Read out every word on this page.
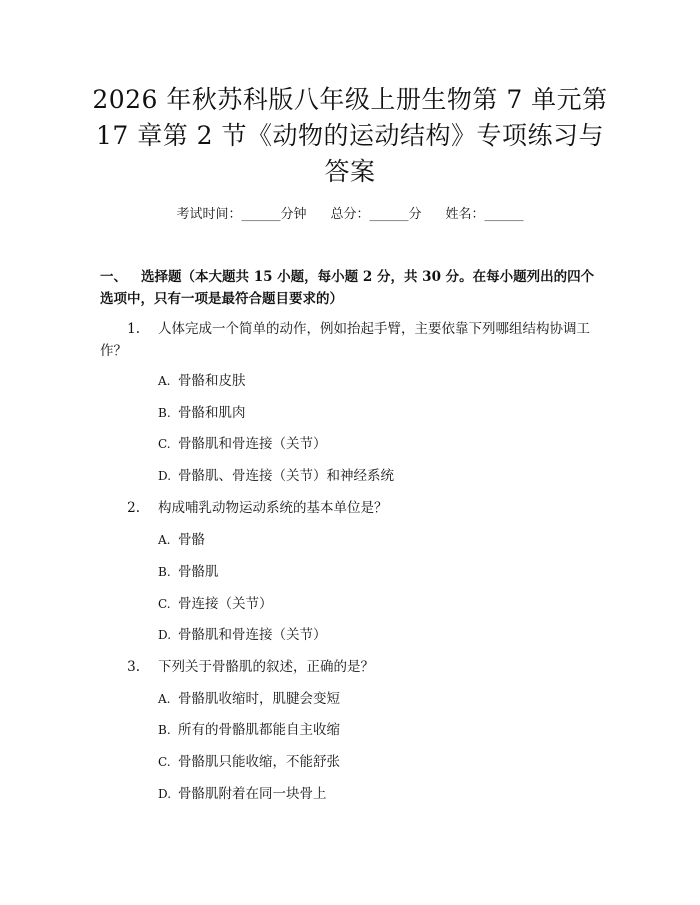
2026 年秋苏科版八年级上册生物第 7 单元第
17 章第 2 节《动物的运动结构》专项练习与
答案
考试时间：______分钟 总分：______分 姓名：______
一、 选择题（本大题共 15 小题，每小题 2 分，共 30 分。在每小题列出的四个选项中，只有一项是最符合题目要求的）
1. 人体完成一个简单的动作，例如抬起手臂，主要依靠下列哪组结构协调工作？
A. 骨骼和皮肤
B. 骨骼和肌肉
C. 骨骼肌和骨连接（关节）
D. 骨骼肌、骨连接（关节）和神经系统
2. 构成哺乳动物运动系统的基本单位是？
A. 骨骼
B. 骨骼肌
C. 骨连接（关节）
D. 骨骼肌和骨连接（关节）
3. 下列关于骨骼肌的叙述，正确的是？
A. 骨骼肌收缩时，肌腱会变短
B. 所有的骨骼肌都能自主收缩
C. 骨骼肌只能收缩，不能舒张
D. 骨骼肌附着在同一块骨上
